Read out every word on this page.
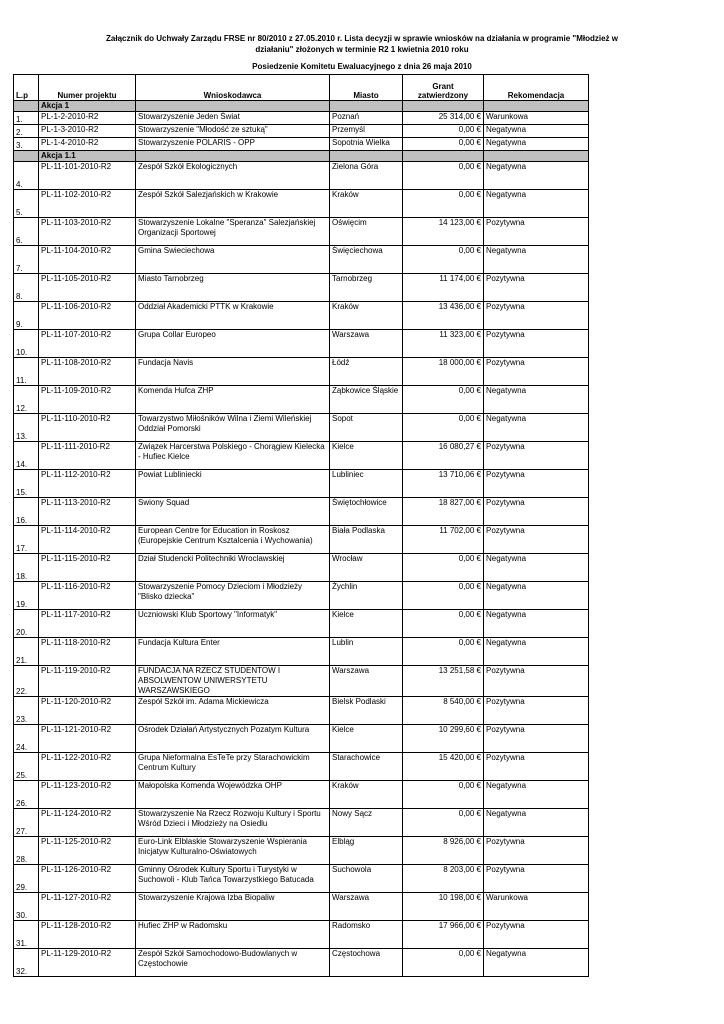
Załącznik do Uchwały Zarządu FRSE nr 80/2010 z 27.05.2010 r. Lista decyzji w sprawie wniosków na działania w programie "Młodzież w
działaniu" złożonych w terminie R2 1 kwietnia 2010 roku
Posiedzenie Komitetu Ewaluacyjnego z dnia 26 maja 2010
L.p	Numer projektu	Wnioskodawca	Miasto	Grant
zatwierdzony	Rekomendacja
	Akcja 1				
1.	PL-1-2-2010-R2	Stowarzyszenie Jeden Świat	Poznań	25 314,00 €	Warunkowa
2.	PL-1-3-2010-R2	Stowarzyszenie "Młodość ze sztuką"	Przemyśl	0,00 €	Negatywna
3.	PL-1-4-2010-R2	Stowarzyszenie POLARIS - OPP	Sopotnia Wielka	0,00 €	Negatywna
	Akcja 1.1				
4.	PL-11-101-2010-R2	Zespół Szkół Ekologicznych	Zielona Góra	0,00 €	Negatywna
5.	PL-11-102-2010-R2	Zespół Szkół Salezjańskich w Krakowie	Kraków	0,00 €	Negatywna
6.	PL-11-103-2010-R2	Stowarzyszenie Lokalne "Speranza" Salezjańskiej Organizacji Sportowej	Oświęcim	14 123,00 €	Pozytywna
7.	PL-11-104-2010-R2	Gmina Swieciechowa	Święciechowa	0,00 €	Negatywna
8.	PL-11-105-2010-R2	Miasto Tarnobrzeg	Tarnobrzeg	11 174,00 €	Pozytywna
9.	PL-11-106-2010-R2	Oddział Akademicki PTTK w Krakowie	Kraków	13 436,00 €	Pozytywna
10.	PL-11-107-2010-R2	Grupa Collar Europeo	Warszawa	11 323,00 €	Pozytywna
11.	PL-11-108-2010-R2	Fundacja Navis	Łódź	18 000,00 €	Pozytywna
12.	PL-11-109-2010-R2	Komenda Hufca ZHP	Ząbkowice Śląskie	0,00 €	Negatywna
13.	PL-11-110-2010-R2	Towarzystwo Miłośników Wilna i Ziemi Wileńskiej Oddział Pomorski	Sopot	0,00 €	Negatywna
14.	PL-11-111-2010-R2	Związek Harcerstwa Polskiego - Chorągiew Kielecka - Hufiec Kielce	Kielce	16 080,27 €	Pozytywna
15.	PL-11-112-2010-R2	Powiat Lubliniecki	Lubliniec	13 710,06 €	Pozytywna
16.	PL-11-113-2010-R2	Swiony Squad	Świętochłowice	18 827,00 €	Pozytywna
17.	PL-11-114-2010-R2	European Centre for Education in Roskosz (Europejskie Centrum Ksztalcenia i Wychowania)	Biała Podlaska	11 702,00 €	Pozytywna
18.	PL-11-115-2010-R2	Dział Studencki Politechniki Wroclawskiej	Wrocław	0,00 €	Negatywna
19.	PL-11-116-2010-R2	Stowarzyszenie Pomocy Dzieciom i Młodzieży "Blisko dziecka"	Żychlin	0,00 €	Negatywna
20.	PL-11-117-2010-R2	Uczniowski Klub Sportowy "Informatyk"	Kielce	0,00 €	Negatywna
21.	PL-11-118-2010-R2	Fundacja Kultura Enter	Lublin	0,00 €	Negatywna
22.	PL-11-119-2010-R2	FUNDACJA NA RZECZ STUDENTOW I ABSOLWENTOW UNIWERSYTETU WARSZAWSKIEGO	Warszawa	13 251,58 €	Pozytywna
23.	PL-11-120-2010-R2	Zespół Szkół im. Adama Mickiewicza	Bielsk Podlaski	8 540,00 €	Pozytywna
24.	PL-11-121-2010-R2	Ośrodek Działań Artystycznych Pozatym Kultura	Kielce	10 299,60 €	Pozytywna
25.	PL-11-122-2010-R2	Grupa Nieformalna EsTeTe przy Starachowickim Centrum Kultury	Starachowice	15 420,00 €	Pozytywna
26.	PL-11-123-2010-R2	Małopolska Komenda Wojewódzka OHP	Kraków	0,00 €	Negatywna
27.	PL-11-124-2010-R2	Stowarzyszenie Na Rzecz Rozwoju Kultury i Sportu Wśród Dzieci i Młodzieży na Osiedlu	Nowy Sącz	0,00 €	Negatywna
28.	PL-11-125-2010-R2	Euro-Link Elblaskie Stowarzyszenie Wspierania Inicjatyw Kulturalno-Oświatowych	Elbląg	8 926,00 €	Pozytywna
29.	PL-11-126-2010-R2	Gminny Ośrodek Kultury Sportu i Turystyki w Suchowoli - Klub Tańca Towarzystkiego Batucada	Suchowola	8 203,00 €	Pozytywna
30.	PL-11-127-2010-R2	Stowarzyszenie Krajowa Izba Biopaliw	Warszawa	10 198,00 €	Warunkowa
31.	PL-11-128-2010-R2	Hufiec ZHP w Radomsku	Radomsko	17 966,00 €	Pozytywna
32.	PL-11-129-2010-R2	Zespół Szkół Samochodowo-Budowlanych w Częstochowie	Częstochowa	0,00 €	Negatywna
